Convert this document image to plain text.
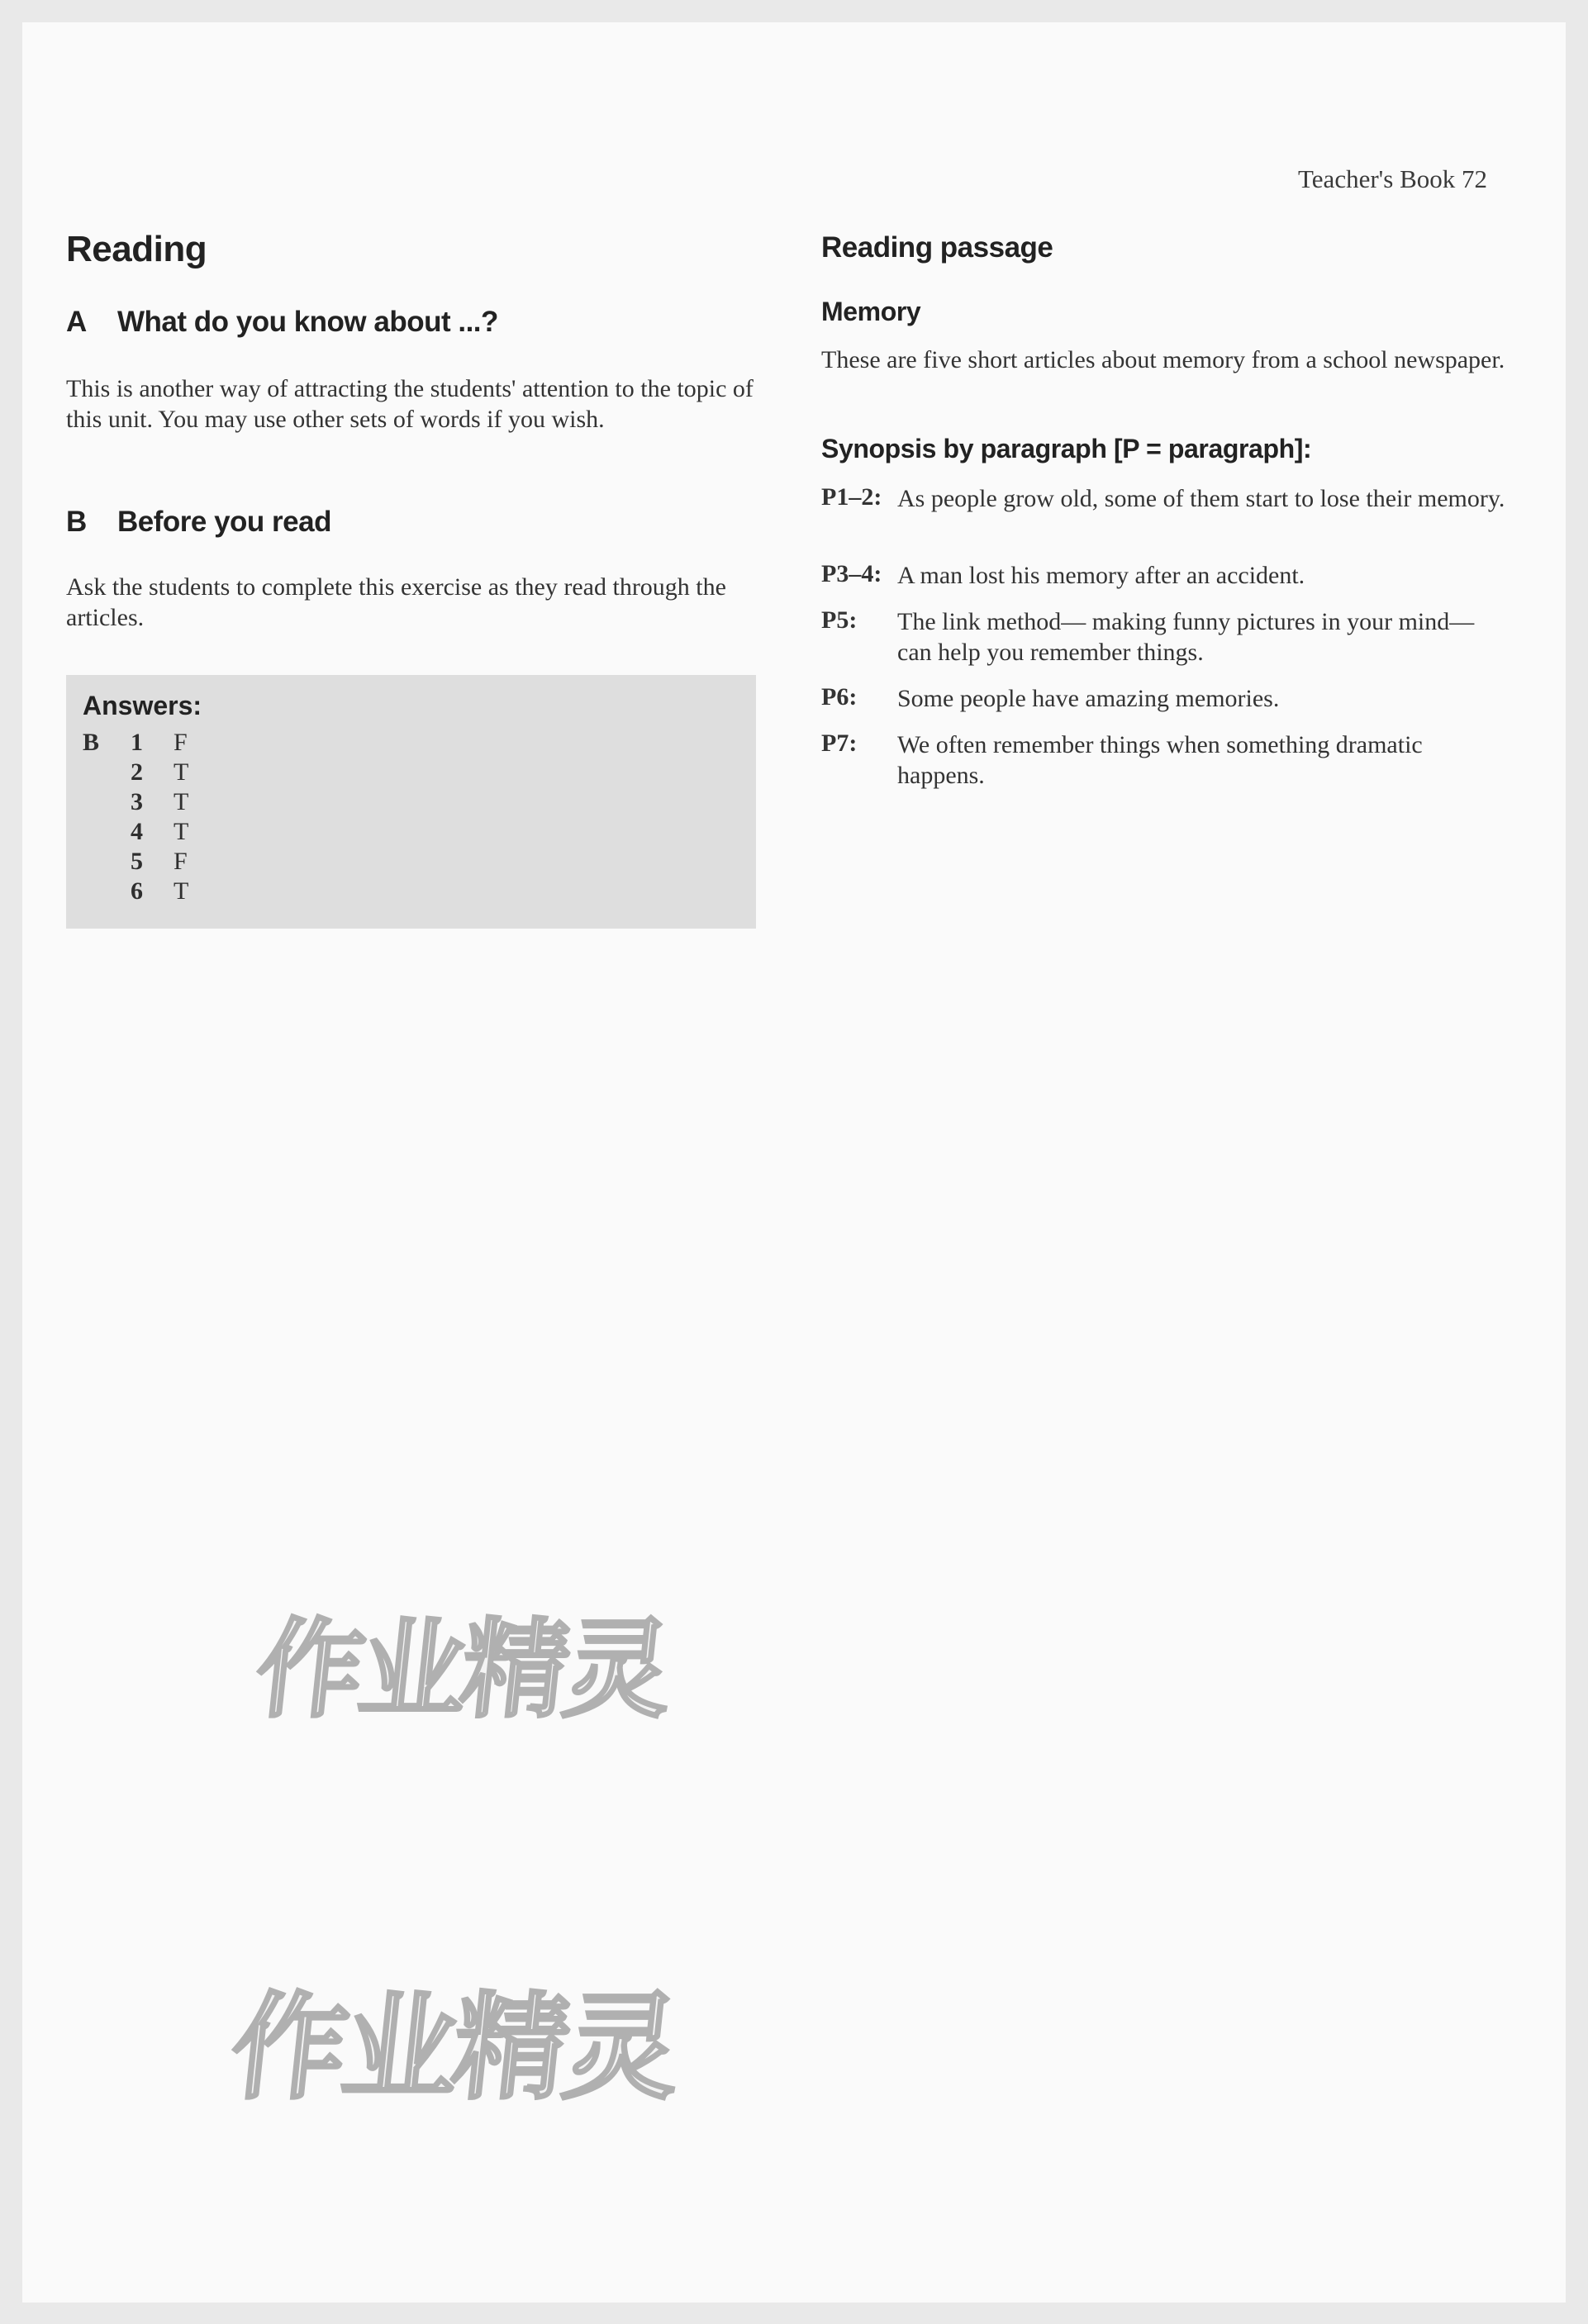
Teacher's Book 72
Reading
A What do you know about ...?

This is another way of attracting the students' attention to the topic of this unit. You may use other sets of words if you wish.

B Before you read

Ask the students to complete this exercise as they read through the articles.

Answers:
B 1 F
2 T
3 T
4 T
5 F
6 T
Reading passage
Memory

These are five short articles about memory from a school newspaper.

Synopsis by paragraph [P = paragraph]:
P1–2: As people grow old, some of them start to lose their memory.
P3–4: A man lost his memory after an accident.
P5: The link method— making funny pictures in your mind— can help you remember things.
P6: Some people have amazing memories.
P7: We often remember things when something dramatic happens.
作业精灵
作业精灵
